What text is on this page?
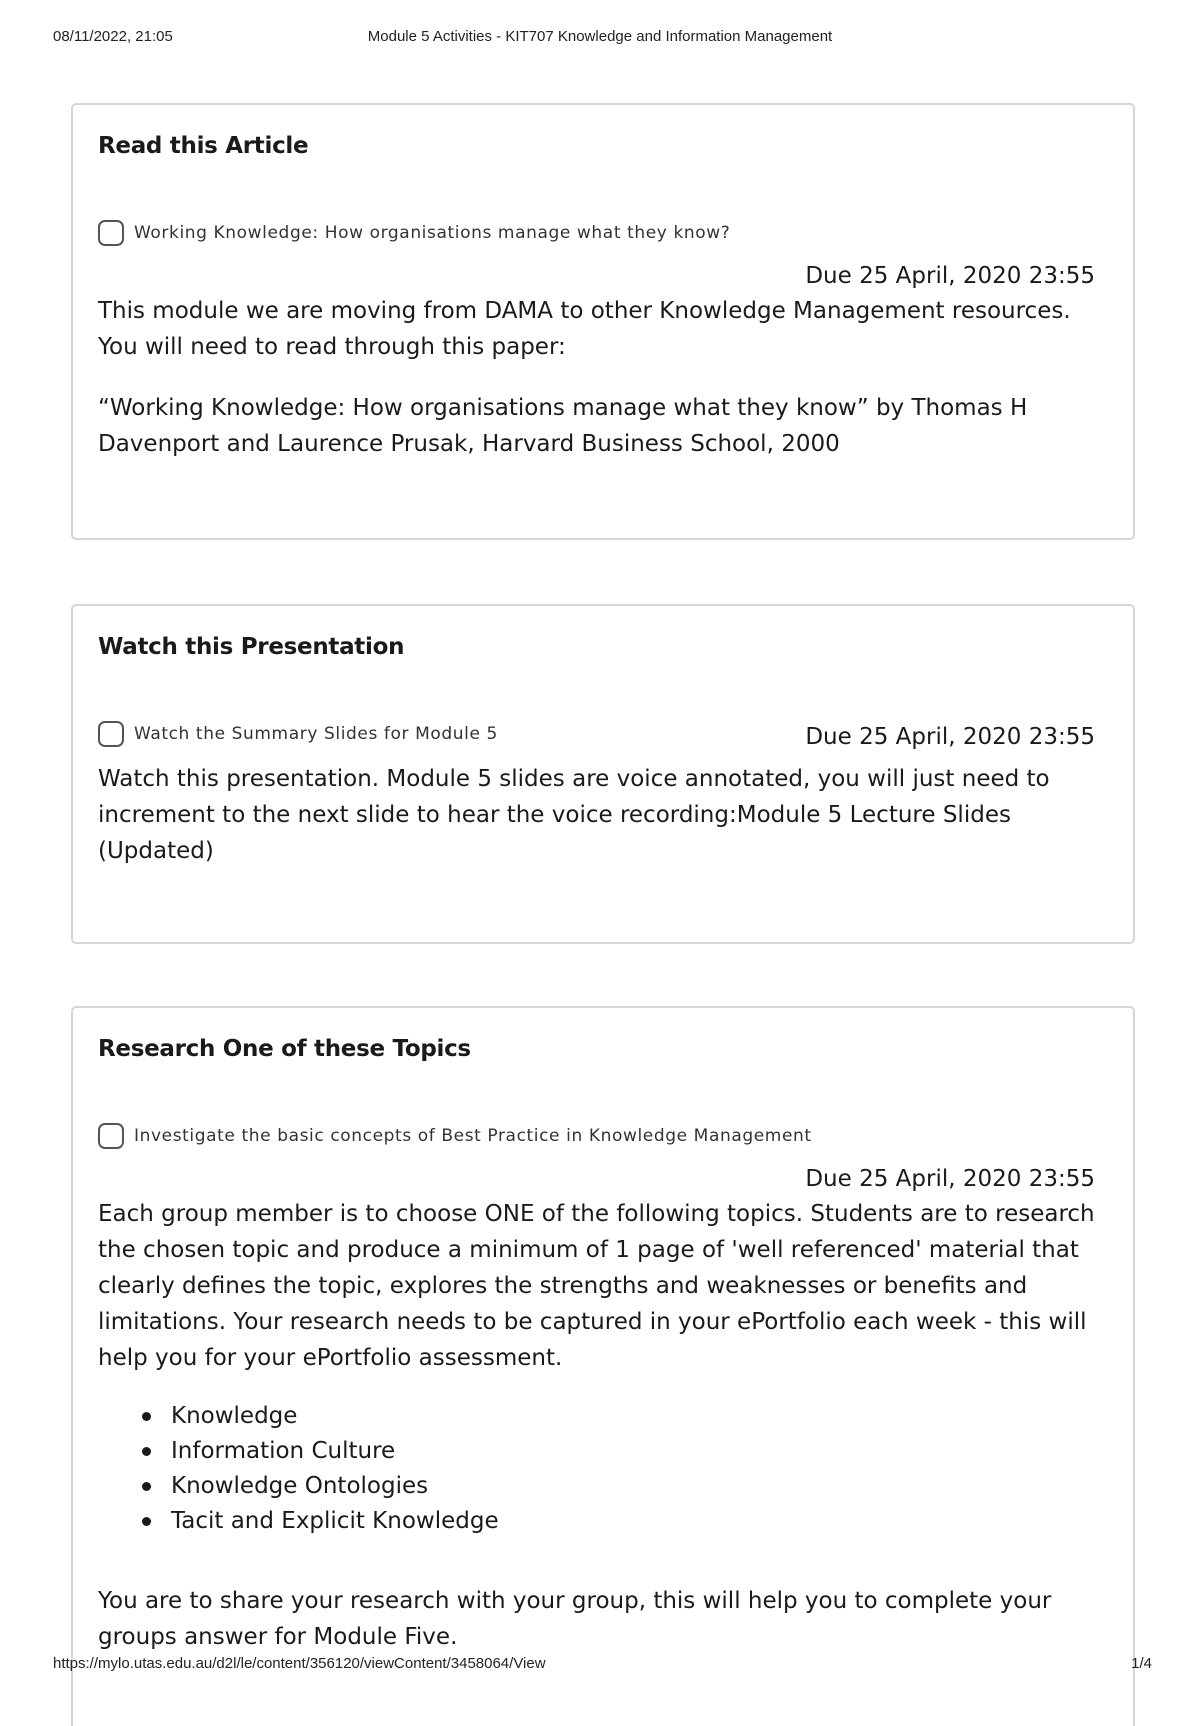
08/11/2022, 21:05	Module 5 Activities - KIT707 Knowledge and Information Management
Read this Article
Working Knowledge: How organisations manage what they know?
Due 25 April, 2020 23:55

This module we are moving from DAMA to other Knowledge Management resources. You will need to read through this paper:

“Working Knowledge: How organisations manage what they know” by Thomas H Davenport and Laurence Prusak, Harvard Business School, 2000

Watch this Presentation
Watch the Summary Slides for Module 5	Due 25 April, 2020 23:55

Watch this presentation. Module 5 slides are voice annotated, you will just need to increment to the next slide to hear the voice recording:Module 5 Lecture Slides (Updated)

Research One of these Topics
Investigate the basic concepts of Best Practice in Knowledge Management
Due 25 April, 2020 23:55

Each group member is to choose ONE of the following topics. Students are to research the chosen topic and produce a minimum of 1 page of 'well referenced' material that clearly defines the topic, explores the strengths and weaknesses or benefits and limitations. Your research needs to be captured in your ePortfolio each week - this will help you for your ePortfolio assessment.

Knowledge
Information Culture
Knowledge Ontologies
Tacit and Explicit Knowledge

You are to share your research with your group, this will help you to complete your groups answer for Module Five.

https://mylo.utas.edu.au/d2l/le/content/356120/viewContent/3458064/View	1/4
